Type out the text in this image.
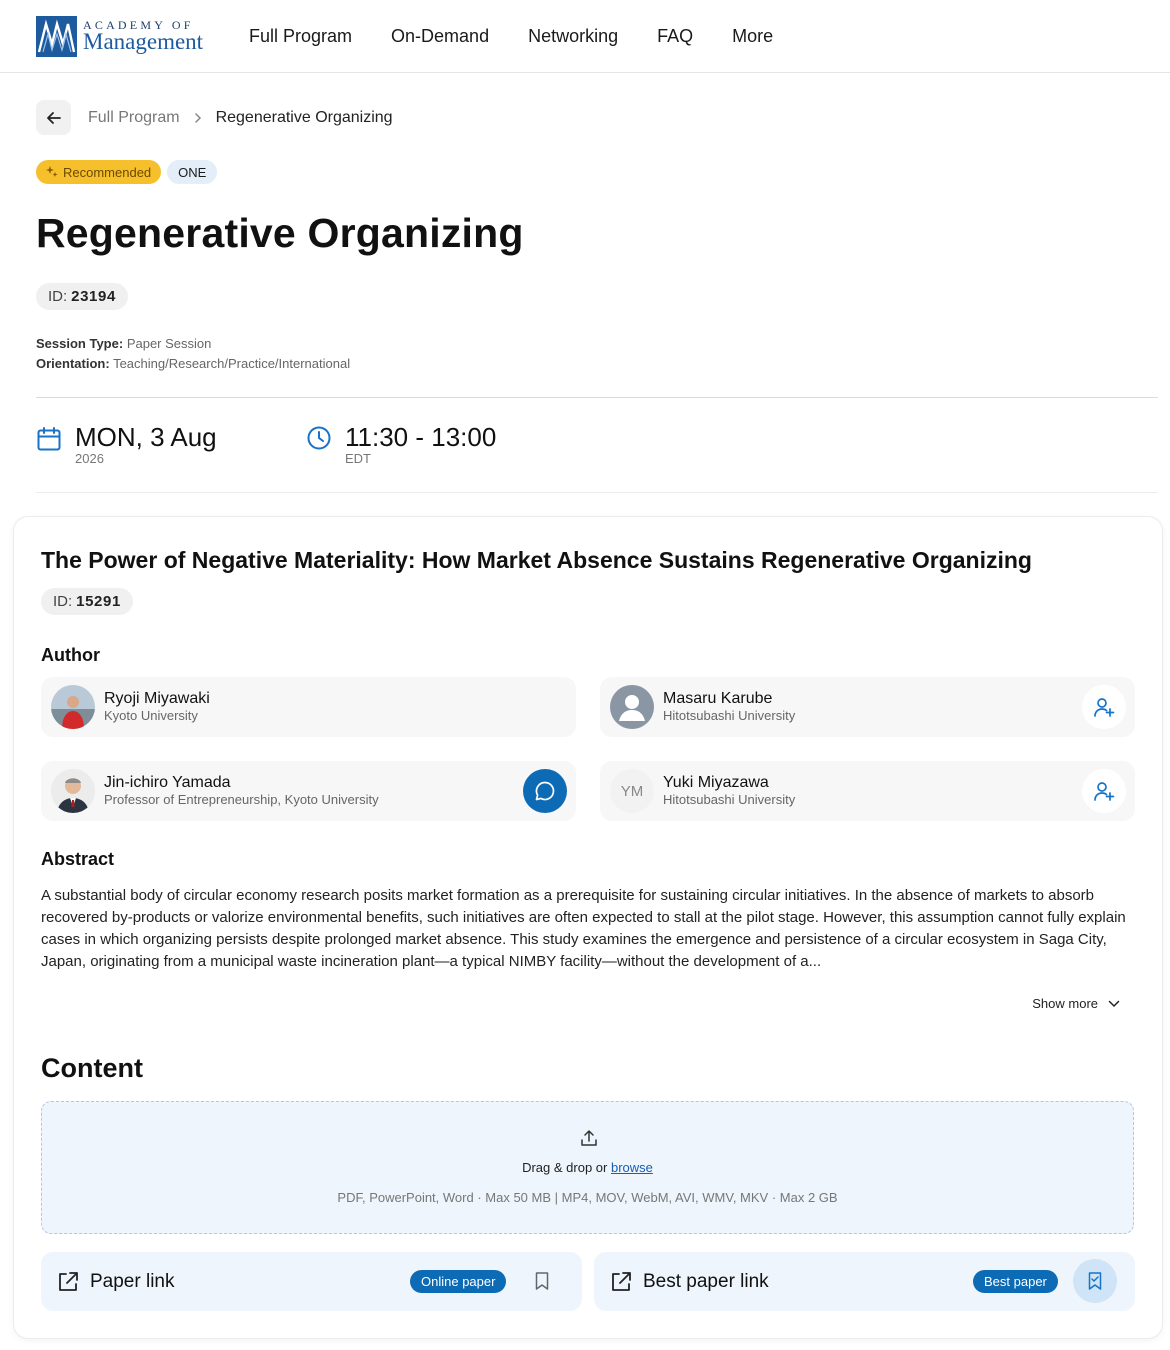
ACADEMY OF
Management	Full Program On-Demand Networking FAQ More
Full Program Regenerative Organizing
Recommended	ONE
Regenerative Organizing
ID: 23194
Session Type: Paper Session
Orientation: Teaching/Research/Practice/International
MON, 3 Aug
2026
11:30 - 13:00
EDT
The Power of Negative Materiality: How Market Absence Sustains Regenerative Organizing
ID: 15291
Author
Ryoji Miyawaki
Kyoto University
Masaru Karube
Hitotsubashi University
Jin-ichiro Yamada
Professor of Entrepreneurship, Kyoto University	YM	Yuki Miyazawa
Hitotsubashi University
Abstract

A substantial body of circular economy research posits market formation as a prerequisite for sustaining circular initiatives. In the absence of markets to absorb recovered by-products or valorize environmental benefits, such initiatives are often expected to stall at the pilot stage. However, this assumption cannot fully explain cases in which organizing persists despite prolonged market absence. This study examines the emergence and persistence of a circular ecosystem in Saga City, Japan, originating from a municipal waste incineration plant—a typical NIMBY facility—without the development of a...

Show more
Content
Drag & drop or browse
PDF, PowerPoint, Word · Max 50 MB | MP4, MOV, WebM, AVI, WMV, MKV · Max 2 GB
Paper link	Online paper	Best paper link	Best paper
